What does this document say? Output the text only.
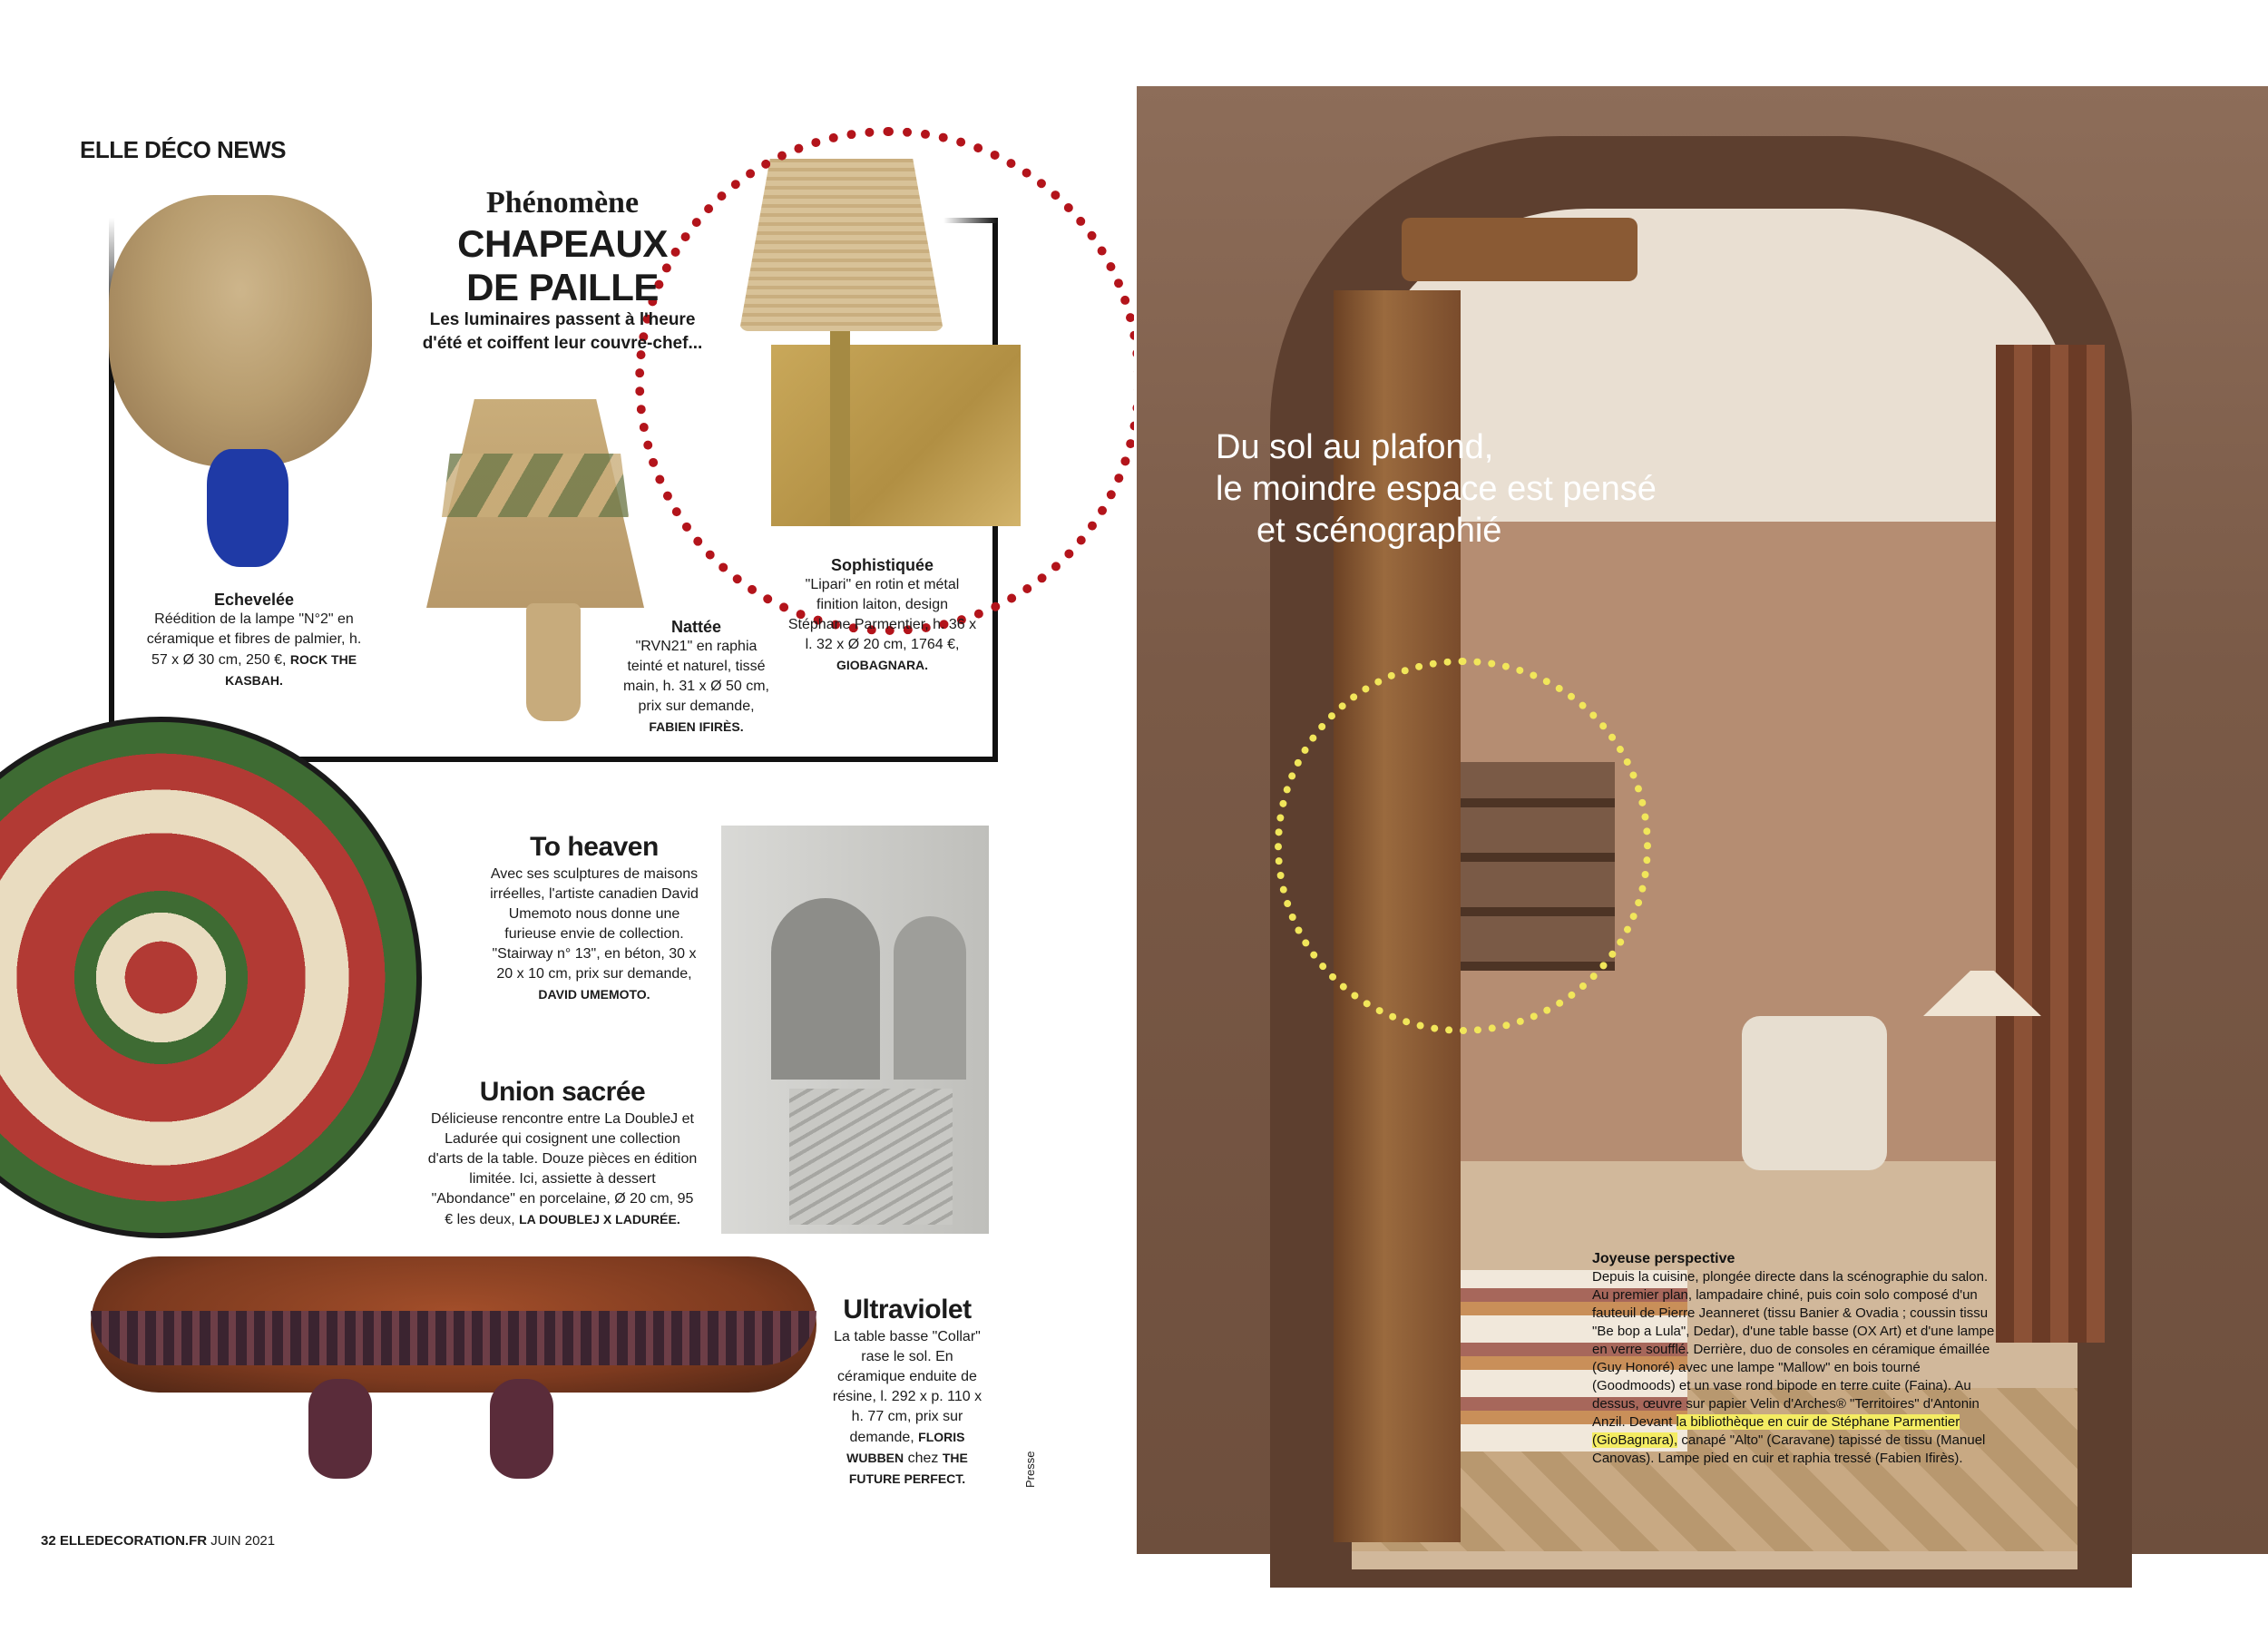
ELLE DÉCO NEWS
Phénomène
CHAPEAUX
DE PAILLE
Les luminaires passent à l'heure d'été et coiffent leur couvre-chef...
Echevelée
Réédition de la lampe "N°2" en céramique et fibres de palmier, h. 57 x Ø 30 cm, 250 €, ROCK THE KASBAH.
Nattée
"RVN21" en raphia teinté et naturel, tissé main, h. 31 x Ø 50 cm, prix sur demande, FABIEN IFIRÈS.
Sophistiquée
"Lipari" en rotin et métal finition laiton, design Stéphane Parmentier, h. 36 x l. 32 x Ø 20 cm, 1764 €, GIOBAGNARA.
To heaven
Avec ses sculptures de maisons irréelles, l'artiste canadien David Umemoto nous donne une furieuse envie de collection. "Stairway n° 13", en béton, 30 x 20 x 10 cm, prix sur demande, DAVID UMEMOTO.
Union sacrée
Délicieuse rencontre entre La DoubleJ et Ladurée qui cosignent une collection d'arts de la table. Douze pièces en édition limitée. Ici, assiette à dessert "Abondance" en porcelaine, Ø 20 cm, 95 € les deux, LA DOUBLEJ X LADURÉE.
Ultraviolet
La table basse "Collar" rase le sol. En céramique enduite de résine, l. 292 x p. 110 x h. 77 cm, prix sur demande, FLORIS WUBBEN chez THE FUTURE PERFECT.	Presse
32 ELLEDECORATION.FR JUIN 2021
Du sol au plafond,
le moindre espace est pensé
et scénographié
Joyeuse perspective
Depuis la cuisine, plongée directe dans la scénographie du salon. Au premier plan, lampadaire chiné, puis coin solo composé d'un fauteuil de Pierre Jeanneret (tissu Banier & Ovadia ; coussin tissu "Be bop a Lula", Dedar), d'une table basse (OX Art) et d'une lampe en verre soufflé. Derrière, duo de consoles en céramique émaillée (Guy Honoré) avec une lampe "Mallow" en bois tourné (Goodmoods) et un vase rond bipode en terre cuite (Faina). Au dessus, œuvre sur papier Velin d'Arches® "Territoires" d'Antonin Anzil. Devant la bibliothèque en cuir de Stéphane Parmentier (GioBagnara), canapé "Alto" (Caravane) tapissé de tissu (Manuel Canovas). Lampe pied en cuir et raphia tressé (Fabien Ifirès).
